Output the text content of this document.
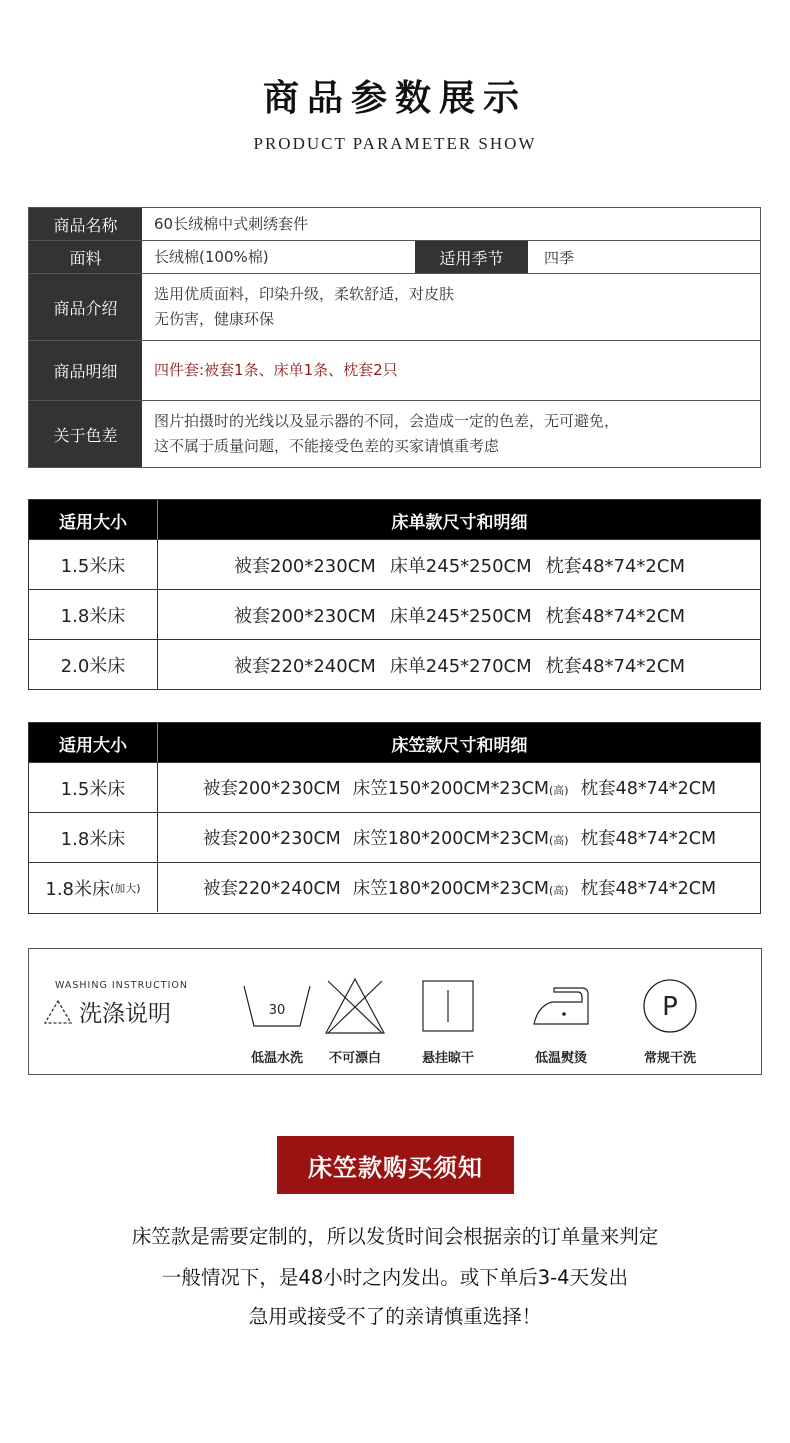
商品参数展示
PRODUCT PARAMETER SHOW
商品名称	60长绒棉中式刺绣套件
面料	长绒棉(100%棉)	适用季节	四季
商品介绍
选用优质面料，印染升级，柔软舒适，对皮肤
无伤害，健康环保
商品明细	四件套:被套1条、床单1条、枕套2只
关于色差
图片拍摄时的光线以及显示器的不同，会造成一定的色差，无可避免，
这不属于质量问题，不能接受色差的买家请慎重考虑
适用大小	床单款尺寸和明细
1.5米床	被套200*230CM 床单245*250CM 枕套48*74*2CM
1.8米床	被套200*230CM 床单245*250CM 枕套48*74*2CM
2.0米床	被套220*240CM 床单245*270CM 枕套48*74*2CM
适用大小	床笠款尺寸和明细
1.5米床	被套200*230CM 床笠150*200CM*23CM(高) 枕套48*74*2CM
1.8米床	被套200*230CM 床笠180*200CM*23CM(高) 枕套48*74*2CM
1.8米床 (加大)	被套220*240CM 床笠180*200CM*23CM(高) 枕套48*74*2CM
WASHING INSTRUCTION
洗涤说明	30
低温水洗	不可漂白	悬挂晾干	低温熨烫
P
常规干洗
床笠款购买须知
床笠款是需要定制的，所以发货时间会根据亲的订单量来判定
一般情况下，是48小时之内发出。或下单后3-4天发出
急用或接受不了的亲请慎重选择！
